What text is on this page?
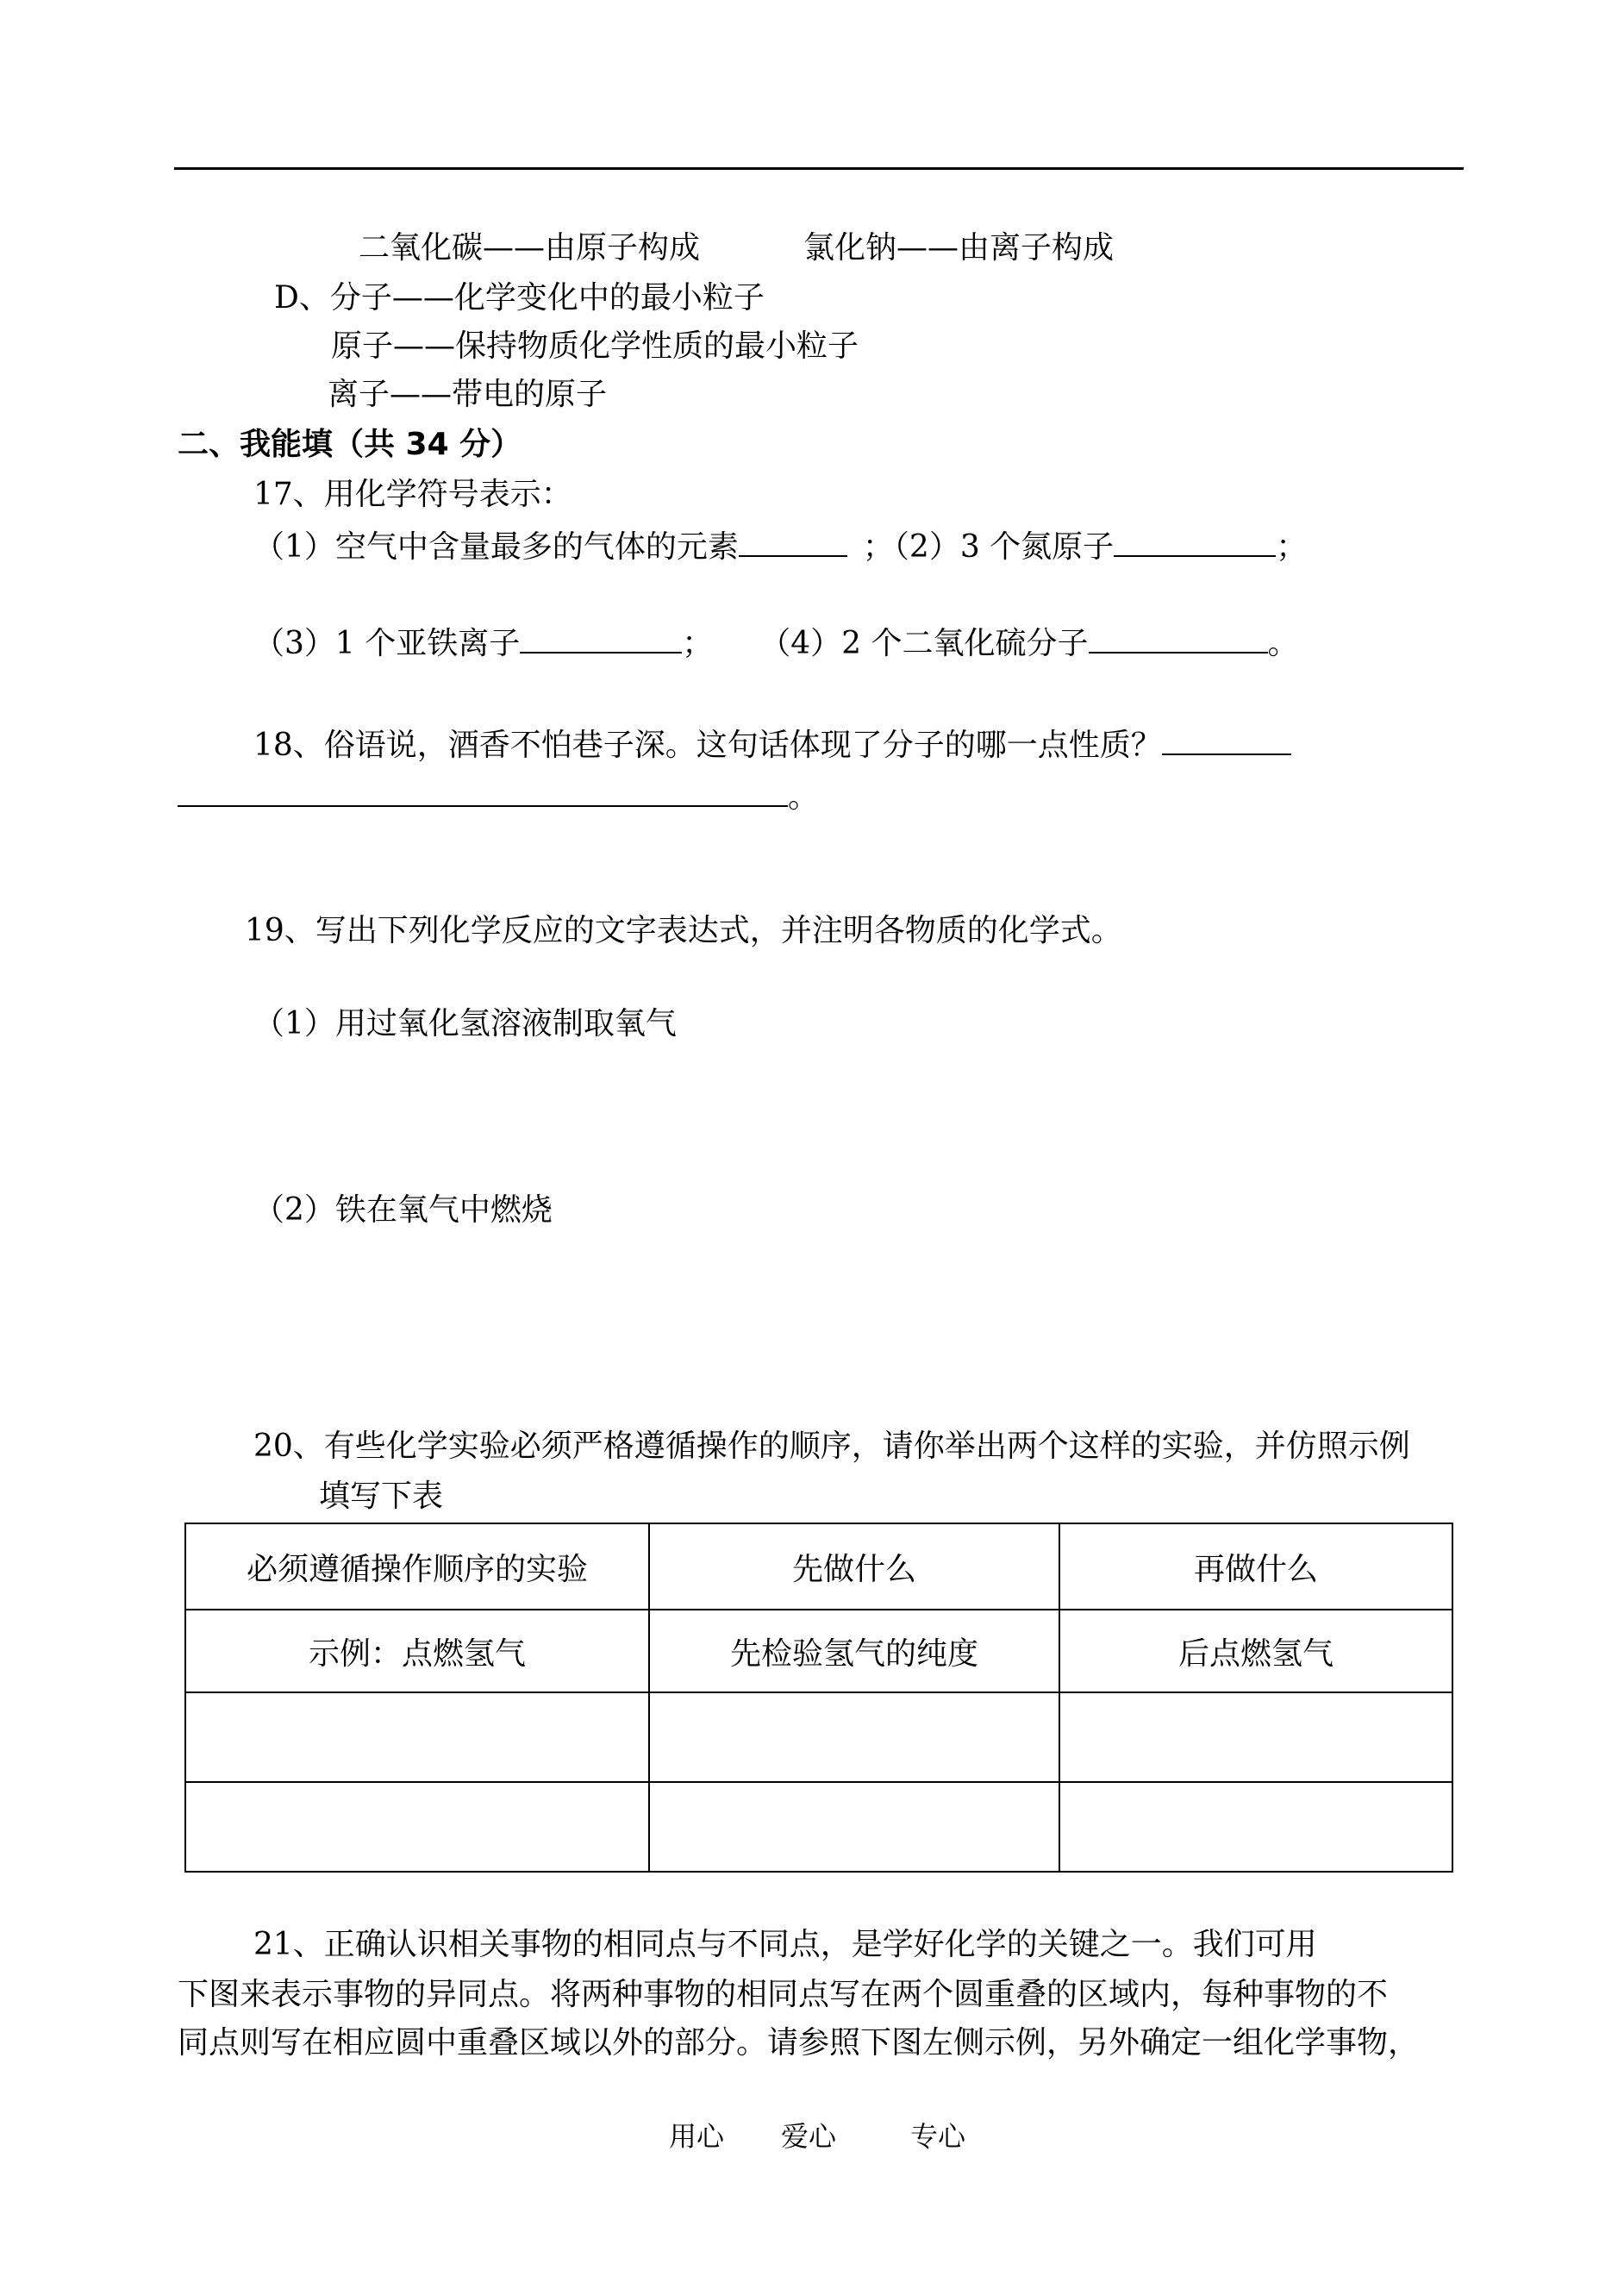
二氧化碳——由原子构成	氯化钠——由离子构成
D、分子——化学变化中的最小粒子
原子——保持物质化学性质的最小粒子
离子——带电的原子
二、我能填（共 34 分）
17、用化学符号表示：
（1）空气中含量最多的气体的元素	；（2）3 个氮原子	；
（3）1 个亚铁离子	； （4）2 个二氧化硫分子	。
18、俗语说，酒香不怕巷子深。这句话体现了分子的哪一点性质？
。
19、写出下列化学反应的文字表达式，并注明各物质的化学式。
（1）用过氧化氢溶液制取氧气
（2）铁在氧气中燃烧
20、有些化学实验必须严格遵循操作的顺序，请你举出两个这样的实验，并仿照示例
填写下表
必须遵循操作顺序的实验	先做什么	再做什么
示例：点燃氢气	先检验氢气的纯度	后点燃氢气

21、正确认识相关事物的相同点与不同点，是学好化学的关键之一。我们可用
下图来表示事物的异同点。将两种事物的相同点写在两个圆重叠的区域内，每种事物的不
同点则写在相应圆中重叠区域以外的部分。请参照下图左侧示例，另外确定一组化学事物，
用心 爱心	专心
